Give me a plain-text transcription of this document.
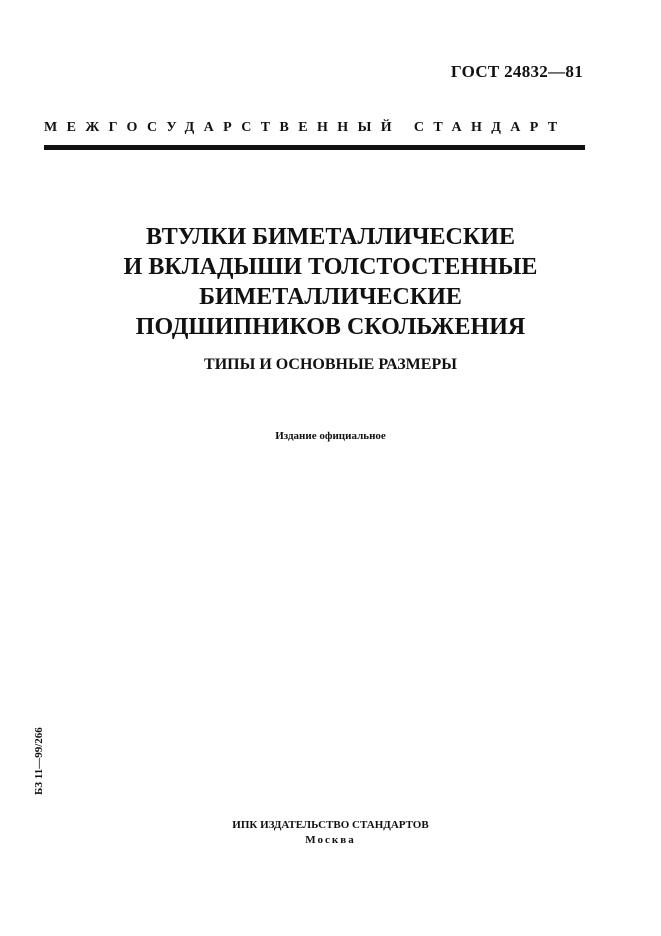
ГОСТ 24832—81

МЕЖГОСУДАРСТВЕННЫЙ СТАНДАРТ

ВТУЛКИ БИМЕТАЛЛИЧЕСКИЕ
И ВКЛАДЫШИ ТОЛСТОСТЕННЫЕ
БИМЕТАЛЛИЧЕСКИЕ
ПОДШИПНИКОВ СКОЛЬЖЕНИЯ
ТИПЫ И ОСНОВНЫЕ РАЗМЕРЫ

Издание официальное

БЗ 11—99/266

ИПК ИЗДАТЕЛЬСТВО СТАНДАРТОВ

Москва
